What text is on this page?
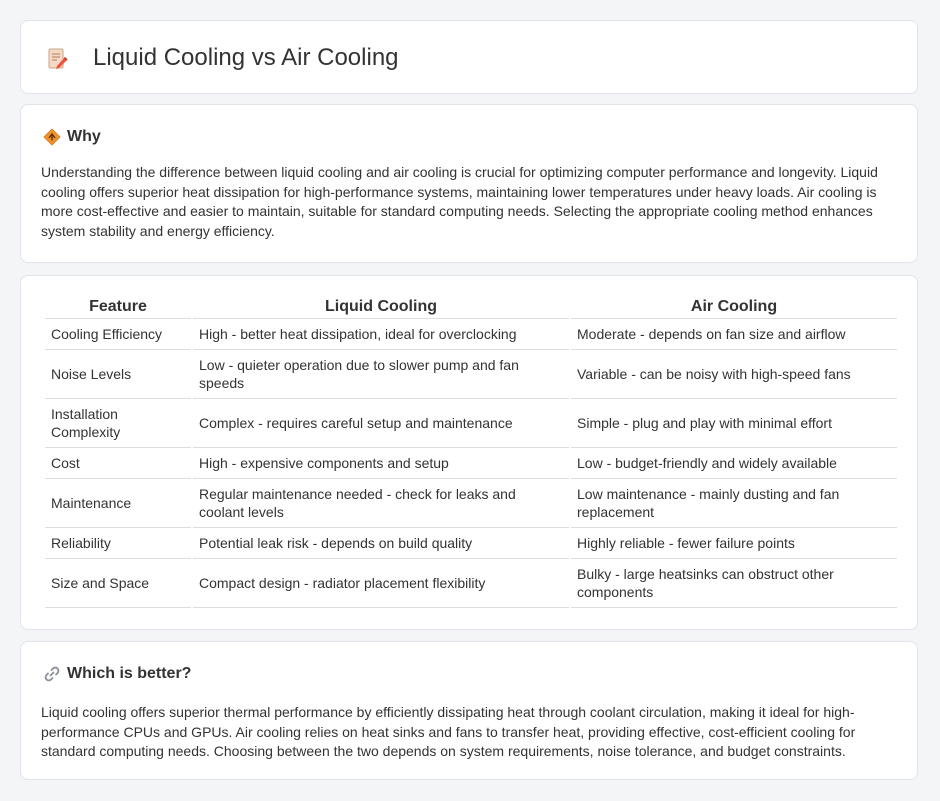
Liquid Cooling vs Air Cooling
Why

Understanding the difference between liquid cooling and air cooling is crucial for optimizing computer performance and longevity. Liquid cooling offers superior heat dissipation for high-performance systems, maintaining lower temperatures under heavy loads. Air cooling is more cost-effective and easier to maintain, suitable for standard computing needs. Selecting the appropriate cooling method enhances system stability and energy efficiency.

Feature	Liquid Cooling	Air Cooling
Cooling Efficiency	High - better heat dissipation, ideal for overclocking	Moderate - depends on fan size and airflow
Noise Levels	Low - quieter operation due to slower pump and fan speeds	Variable - can be noisy with high-speed fans
Installation Complexity	Complex - requires careful setup and maintenance	Simple - plug and play with minimal effort
Cost	High - expensive components and setup	Low - budget-friendly and widely available
Maintenance	Regular maintenance needed - check for leaks and coolant levels	Low maintenance - mainly dusting and fan replacement
Reliability	Potential leak risk - depends on build quality	Highly reliable - fewer failure points
Size and Space	Compact design - radiator placement flexibility	Bulky - large heatsinks can obstruct other components
Which is better?

Liquid cooling offers superior thermal performance by efficiently dissipating heat through coolant circulation, making it ideal for high-performance CPUs and GPUs. Air cooling relies on heat sinks and fans to transfer heat, providing effective, cost-efficient cooling for standard computing needs. Choosing between the two depends on system requirements, noise tolerance, and budget constraints.
